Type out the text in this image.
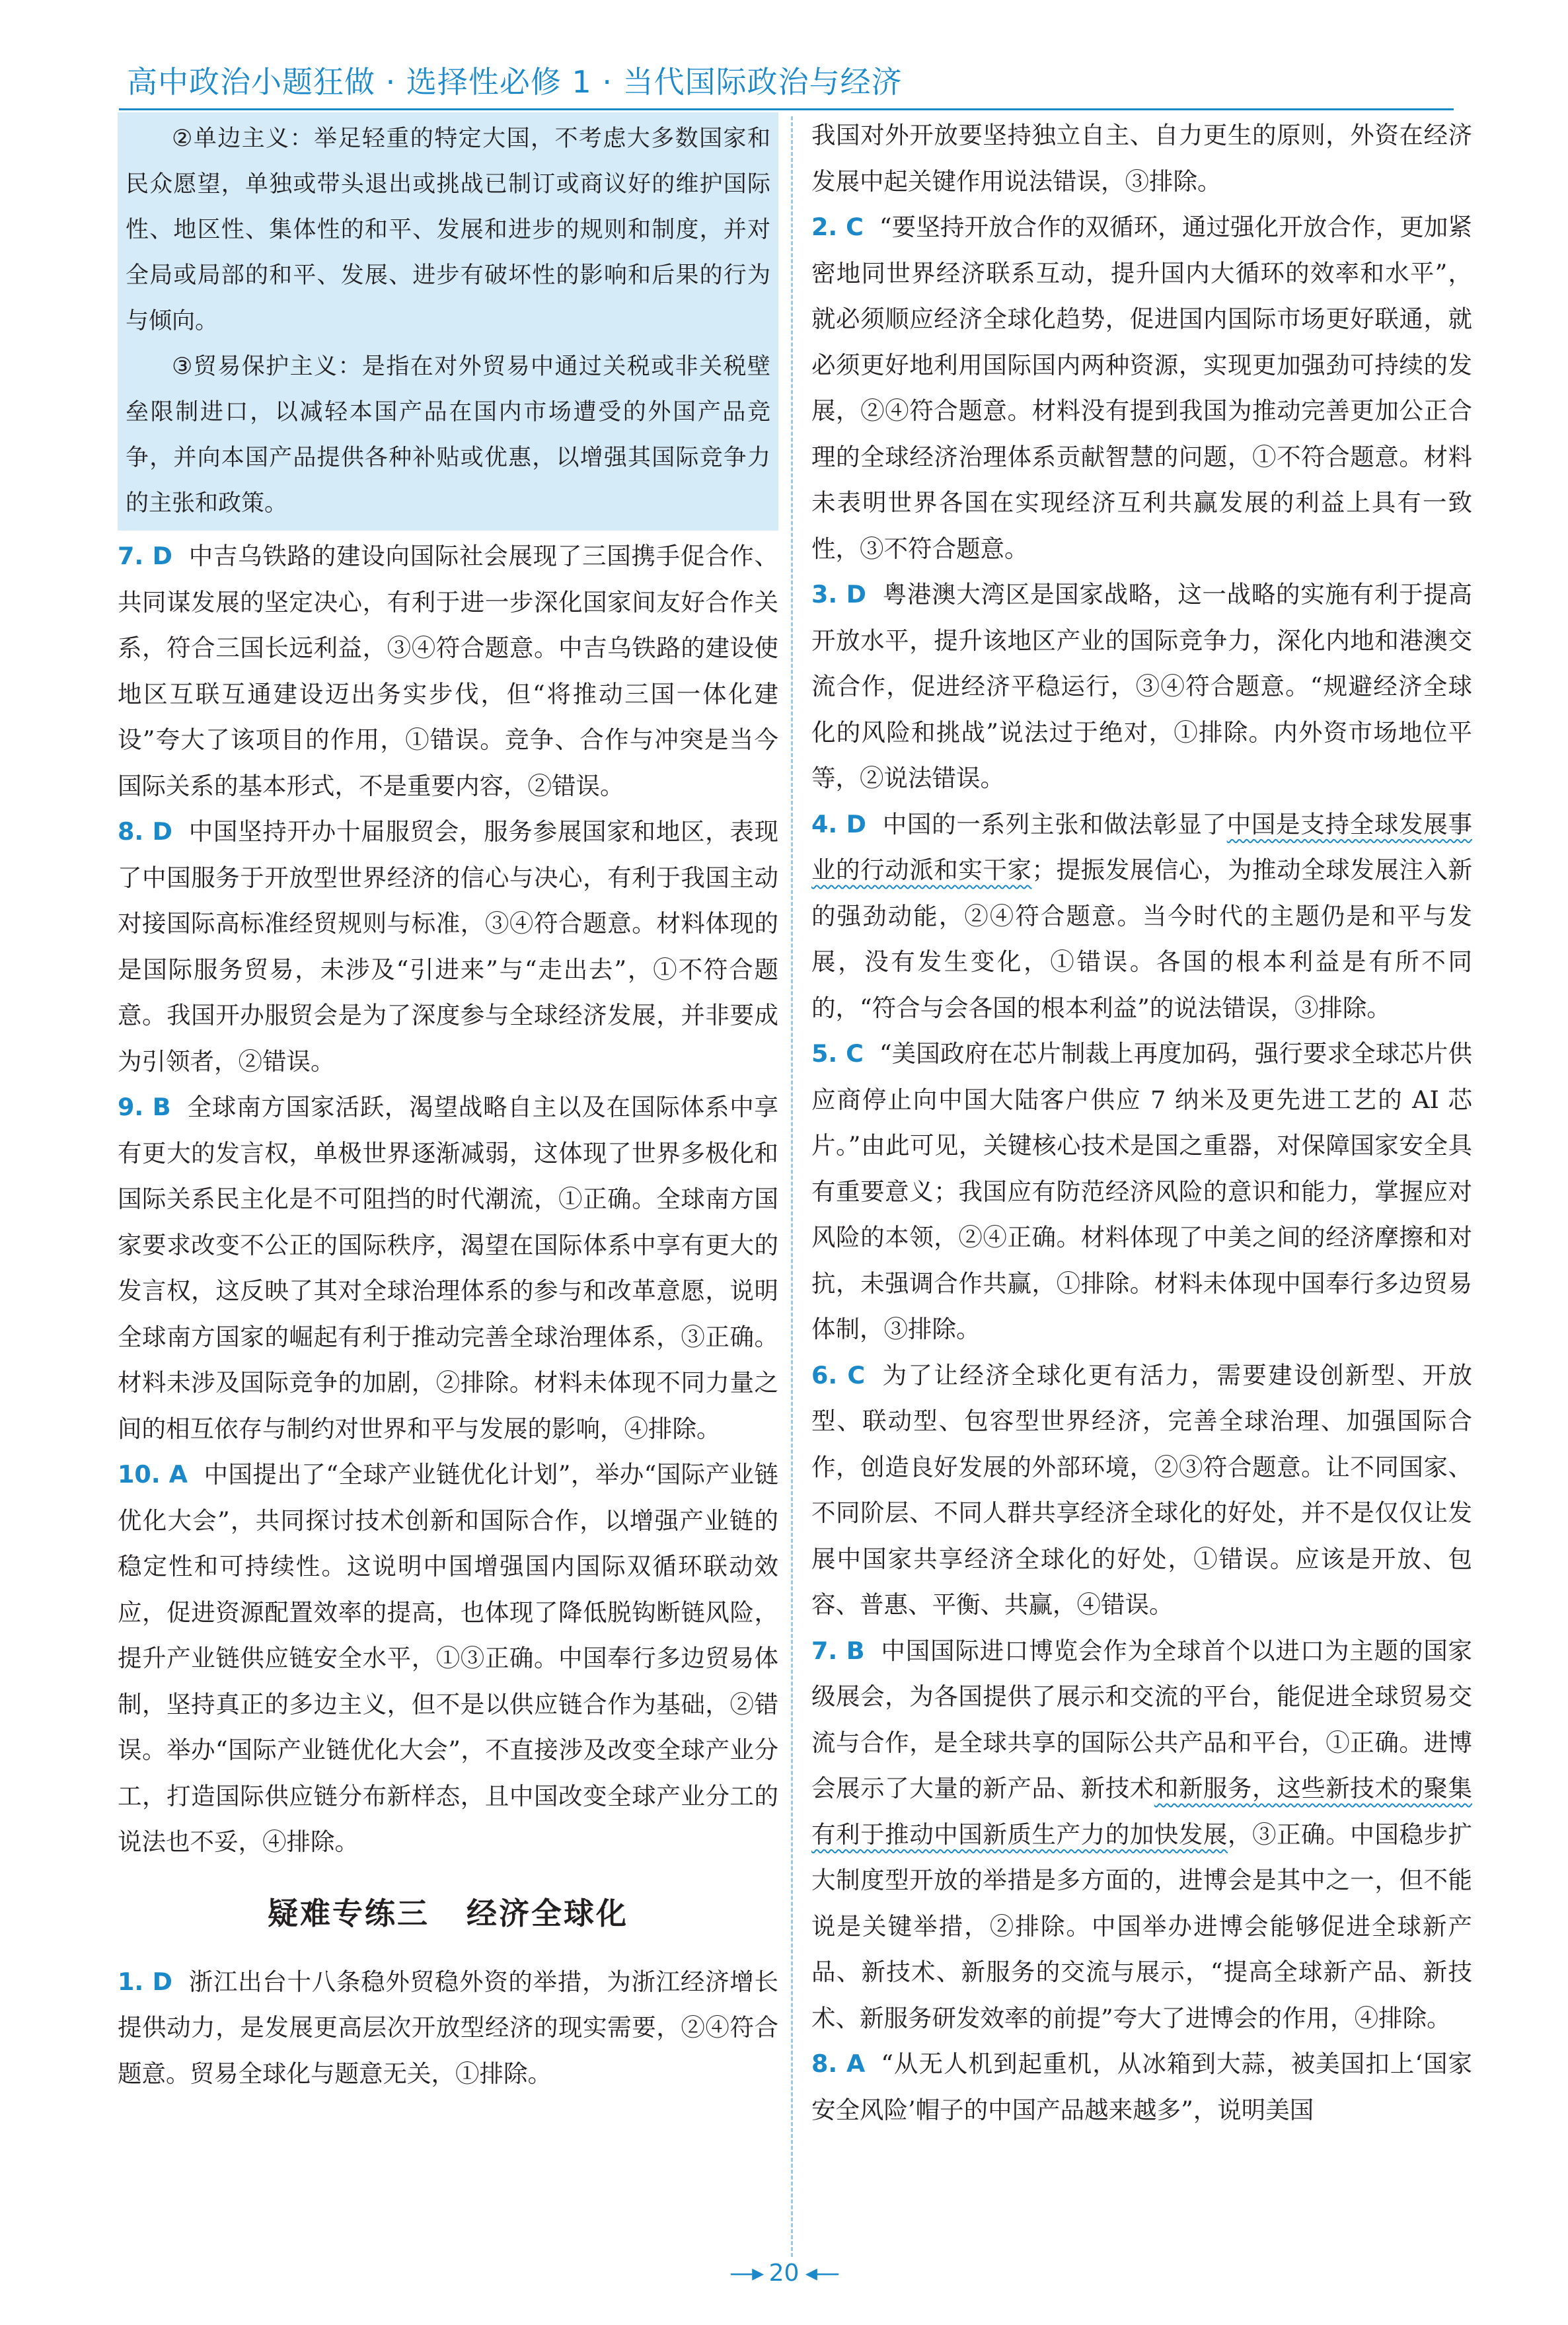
高中政治小题狂做 · 选择性必修 1 · 当代国际政治与经济

②单边主义：举足轻重的特定大国，不考虑大多数国家和民众愿望，单独或带头退出或挑战已制订或商议好的维护国际性、地区性、集体性的和平、发展和进步的规则和制度，并对全局或局部的和平、发展、进步有破坏性的影响和后果的行为与倾向。

③贸易保护主义：是指在对外贸易中通过关税或非关税壁垒限制进口，以减轻本国产品在国内市场遭受的外国产品竞争，并向本国产品提供各种补贴或优惠，以增强其国际竞争力的主张和政策。

7. D 中吉乌铁路的建设向国际社会展现了三国携手促合作、共同谋发展的坚定决心，有利于进一步深化国家间友好合作关系，符合三国长远利益，③④符合题意。中吉乌铁路的建设使地区互联互通建设迈出务实步伐，但“将推动三国一体化建设”夸大了该项目的作用，①错误。竞争、合作与冲突是当今国际关系的基本形式，不是重要内容，②错误。

8. D 中国坚持开办十届服贸会，服务参展国家和地区，表现了中国服务于开放型世界经济的信心与决心，有利于我国主动对接国际高标准经贸规则与标准，③④符合题意。材料体现的是国际服务贸易，未涉及“引进来”与“走出去”，①不符合题意。我国开办服贸会是为了深度参与全球经济发展，并非要成为引领者，②错误。

9. B 全球南方国家活跃，渴望战略自主以及在国际体系中享有更大的发言权，单极世界逐渐减弱，这体现了世界多极化和国际关系民主化是不可阻挡的时代潮流，①正确。全球南方国家要求改变不公正的国际秩序，渴望在国际体系中享有更大的发言权，这反映了其对全球治理体系的参与和改革意愿，说明全球南方国家的崛起有利于推动完善全球治理体系，③正确。材料未涉及国际竞争的加剧，②排除。材料未体现不同力量之间的相互依存与制约对世界和平与发展的影响，④排除。

10. A 中国提出了“全球产业链优化计划”，举办“国际产业链优化大会”，共同探讨技术创新和国际合作，以增强产业链的稳定性和可持续性。这说明中国增强国内国际双循环联动效应，促进资源配置效率的提高，也体现了降低脱钩断链风险，提升产业链供应链安全水平，①③正确。中国奉行多边贸易体制，坚持真正的多边主义，但不是以供应链合作为基础，②错误。举办“国际产业链优化大会”，不直接涉及改变全球产业分工，打造国际供应链分布新样态，且中国改变全球产业分工的说法也不妥，④排除。

疑难专练三 经济全球化

1. D 浙江出台十八条稳外贸稳外资的举措，为浙江经济增长提供动力，是发展更高层次开放型经济的现实需要，②④符合题意。贸易全球化与题意无关，①排除。

我国对外开放要坚持独立自主、自力更生的原则，外资在经济发展中起关键作用说法错误，③排除。

2. C “要坚持开放合作的双循环，通过强化开放合作，更加紧密地同世界经济联系互动，提升国内大循环的效率和水平”，就必须顺应经济全球化趋势，促进国内国际市场更好联通，就必须更好地利用国际国内两种资源，实现更加强劲可持续的发展，②④符合题意。材料没有提到我国为推动完善更加公正合理的全球经济治理体系贡献智慧的问题，①不符合题意。材料未表明世界各国在实现经济互利共赢发展的利益上具有一致性，③不符合题意。

3. D 粤港澳大湾区是国家战略，这一战略的实施有利于提高开放水平，提升该地区产业的国际竞争力，深化内地和港澳交流合作，促进经济平稳运行，③④符合题意。“规避经济全球化的风险和挑战”说法过于绝对，①排除。内外资市场地位平等，②说法错误。

4. D 中国的一系列主张和做法彰显了中国是支持全球发展事业的行动派和实干家；提振发展信心，为推动全球发展注入新的强劲动能，②④符合题意。当今时代的主题仍是和平与发展，没有发生变化，①错误。各国的根本利益是有所不同的，“符合与会各国的根本利益”的说法错误，③排除。

5. C “美国政府在芯片制裁上再度加码，强行要求全球芯片供应商停止向中国大陆客户供应 7 纳米及更先进工艺的 AI 芯片。”由此可见，关键核心技术是国之重器，对保障国家安全具有重要意义；我国应有防范经济风险的意识和能力，掌握应对风险的本领，②④正确。材料体现了中美之间的经济摩擦和对抗，未强调合作共赢，①排除。材料未体现中国奉行多边贸易体制，③排除。

6. C 为了让经济全球化更有活力，需要建设创新型、开放型、联动型、包容型世界经济，完善全球治理、加强国际合作，创造良好发展的外部环境，②③符合题意。让不同国家、不同阶层、不同人群共享经济全球化的好处，并不是仅仅让发展中国家共享经济全球化的好处，①错误。应该是开放、包容、普惠、平衡、共赢，④错误。

7. B 中国国际进口博览会作为全球首个以进口为主题的国家级展会，为各国提供了展示和交流的平台，能促进全球贸易交流与合作，是全球共享的国际公共产品和平台，①正确。进博会展示了大量的新产品、新技术和新服务，这些新技术的聚集有利于推动中国新质生产力的加快发展，③正确。中国稳步扩大制度型开放的举措是多方面的，进博会是其中之一，但不能说是关键举措，②排除。中国举办进博会能够促进全球新产品、新技术、新服务的交流与展示，“提高全球新产品、新技术、新服务研发效率的前提”夸大了进博会的作用，④排除。

8. A “从无人机到起重机，从冰箱到大蒜，被美国扣上‘国家安全风险’帽子的中国产品越来越多”，说明美国

—▸ 20 ◂—
